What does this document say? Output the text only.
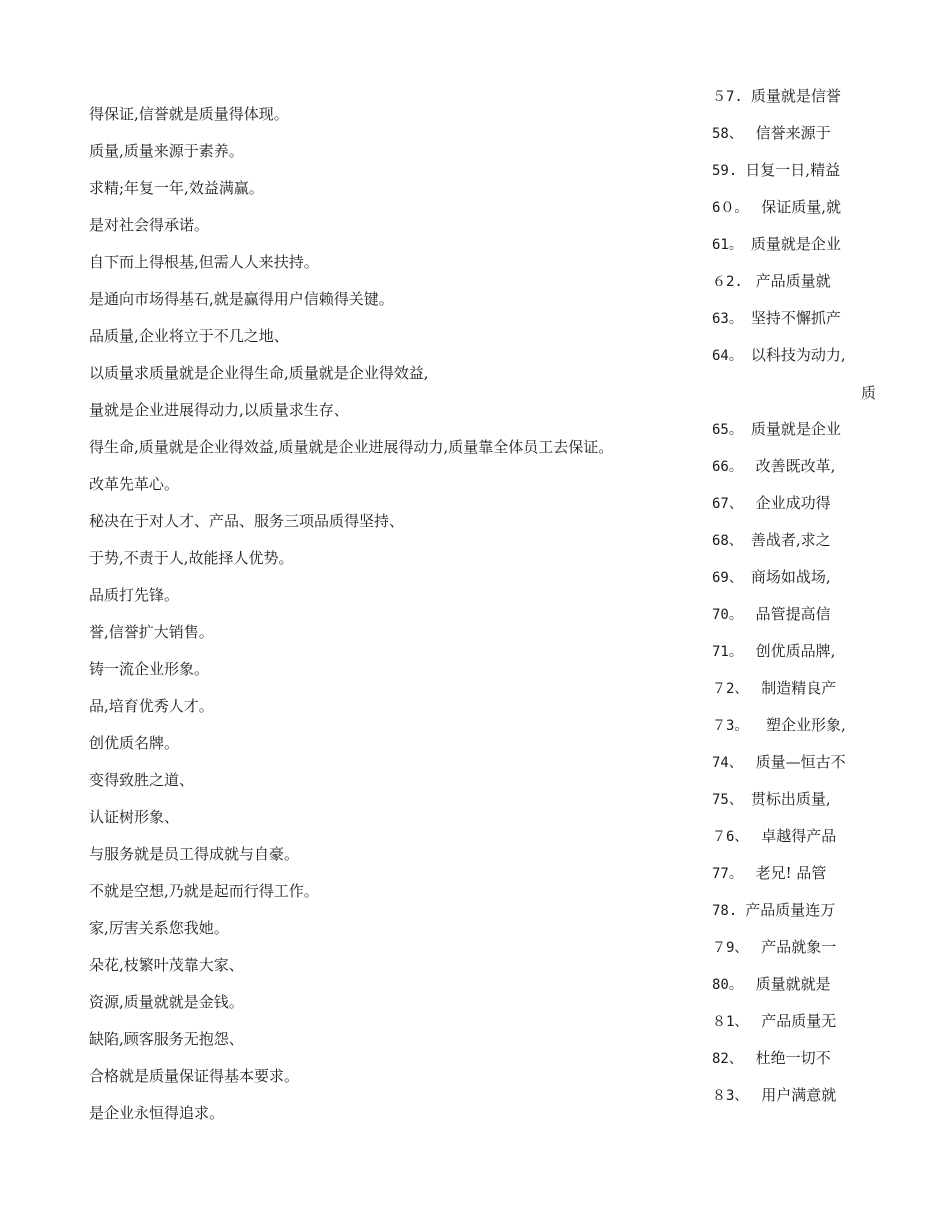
得保证,信誉就是质量得体现。
质量,质量来源于素养。
求精;年复一年,效益满赢。
是对社会得承诺。
自下而上得根基,但需人人来扶持。
是通向市场得基石,就是赢得用户信赖得关键。
品质量,企业将立于不几之地、
以质量求质量就是企业得生命,质量就是企业得效益,
量就是企业进展得动力,以质量求生存、
得生命,质量就是企业得效益,质量就是企业进展得动力,质量靠全体员工去保证。
改革先革心。
秘决在于对人才、产品、服务三项品质得坚持、
于势,不责于人,故能择人优势。
品质打先锋。
誉,信誉扩大销售。
铸一流企业形象。
品,培育优秀人才。
创优质名牌。
变得致胜之道、
认证树形象、
与服务就是员工得成就与自豪。
不就是空想,乃就是起而行得工作。
家,厉害关系您我她。
朵花,枝繁叶茂靠大家、
资源,质量就就是金钱。
缺陷,顾客服务无抱怨、
合格就是质量保证得基本要求。
是企业永恒得追求。
５7. 质量就是信誉
58、 信誉来源于
59. 日复一日,精益
6０。 保证质量,就
61。 质量就是企业
６2. 产品质量就
63。 坚持不懈抓产
64。 以科技为动力,
65。 质量就是企业
66。 改善既改革,
67、 企业成功得
68、 善战者,求之
69、 商场如战场,
70。 品管提高信
71。 创优质品牌,
７2、 制造精良产
７3。  塑企业形象,
74、 质量—恒古不
75、 贯标出质量,
７6、 卓越得产品
77。 老兄! 品管
78. 产品质量连万
７9、 产品就象一
80。 质量就就是
８1、 产品质量无
82、 杜绝一切不
８3、 用户满意就
质
